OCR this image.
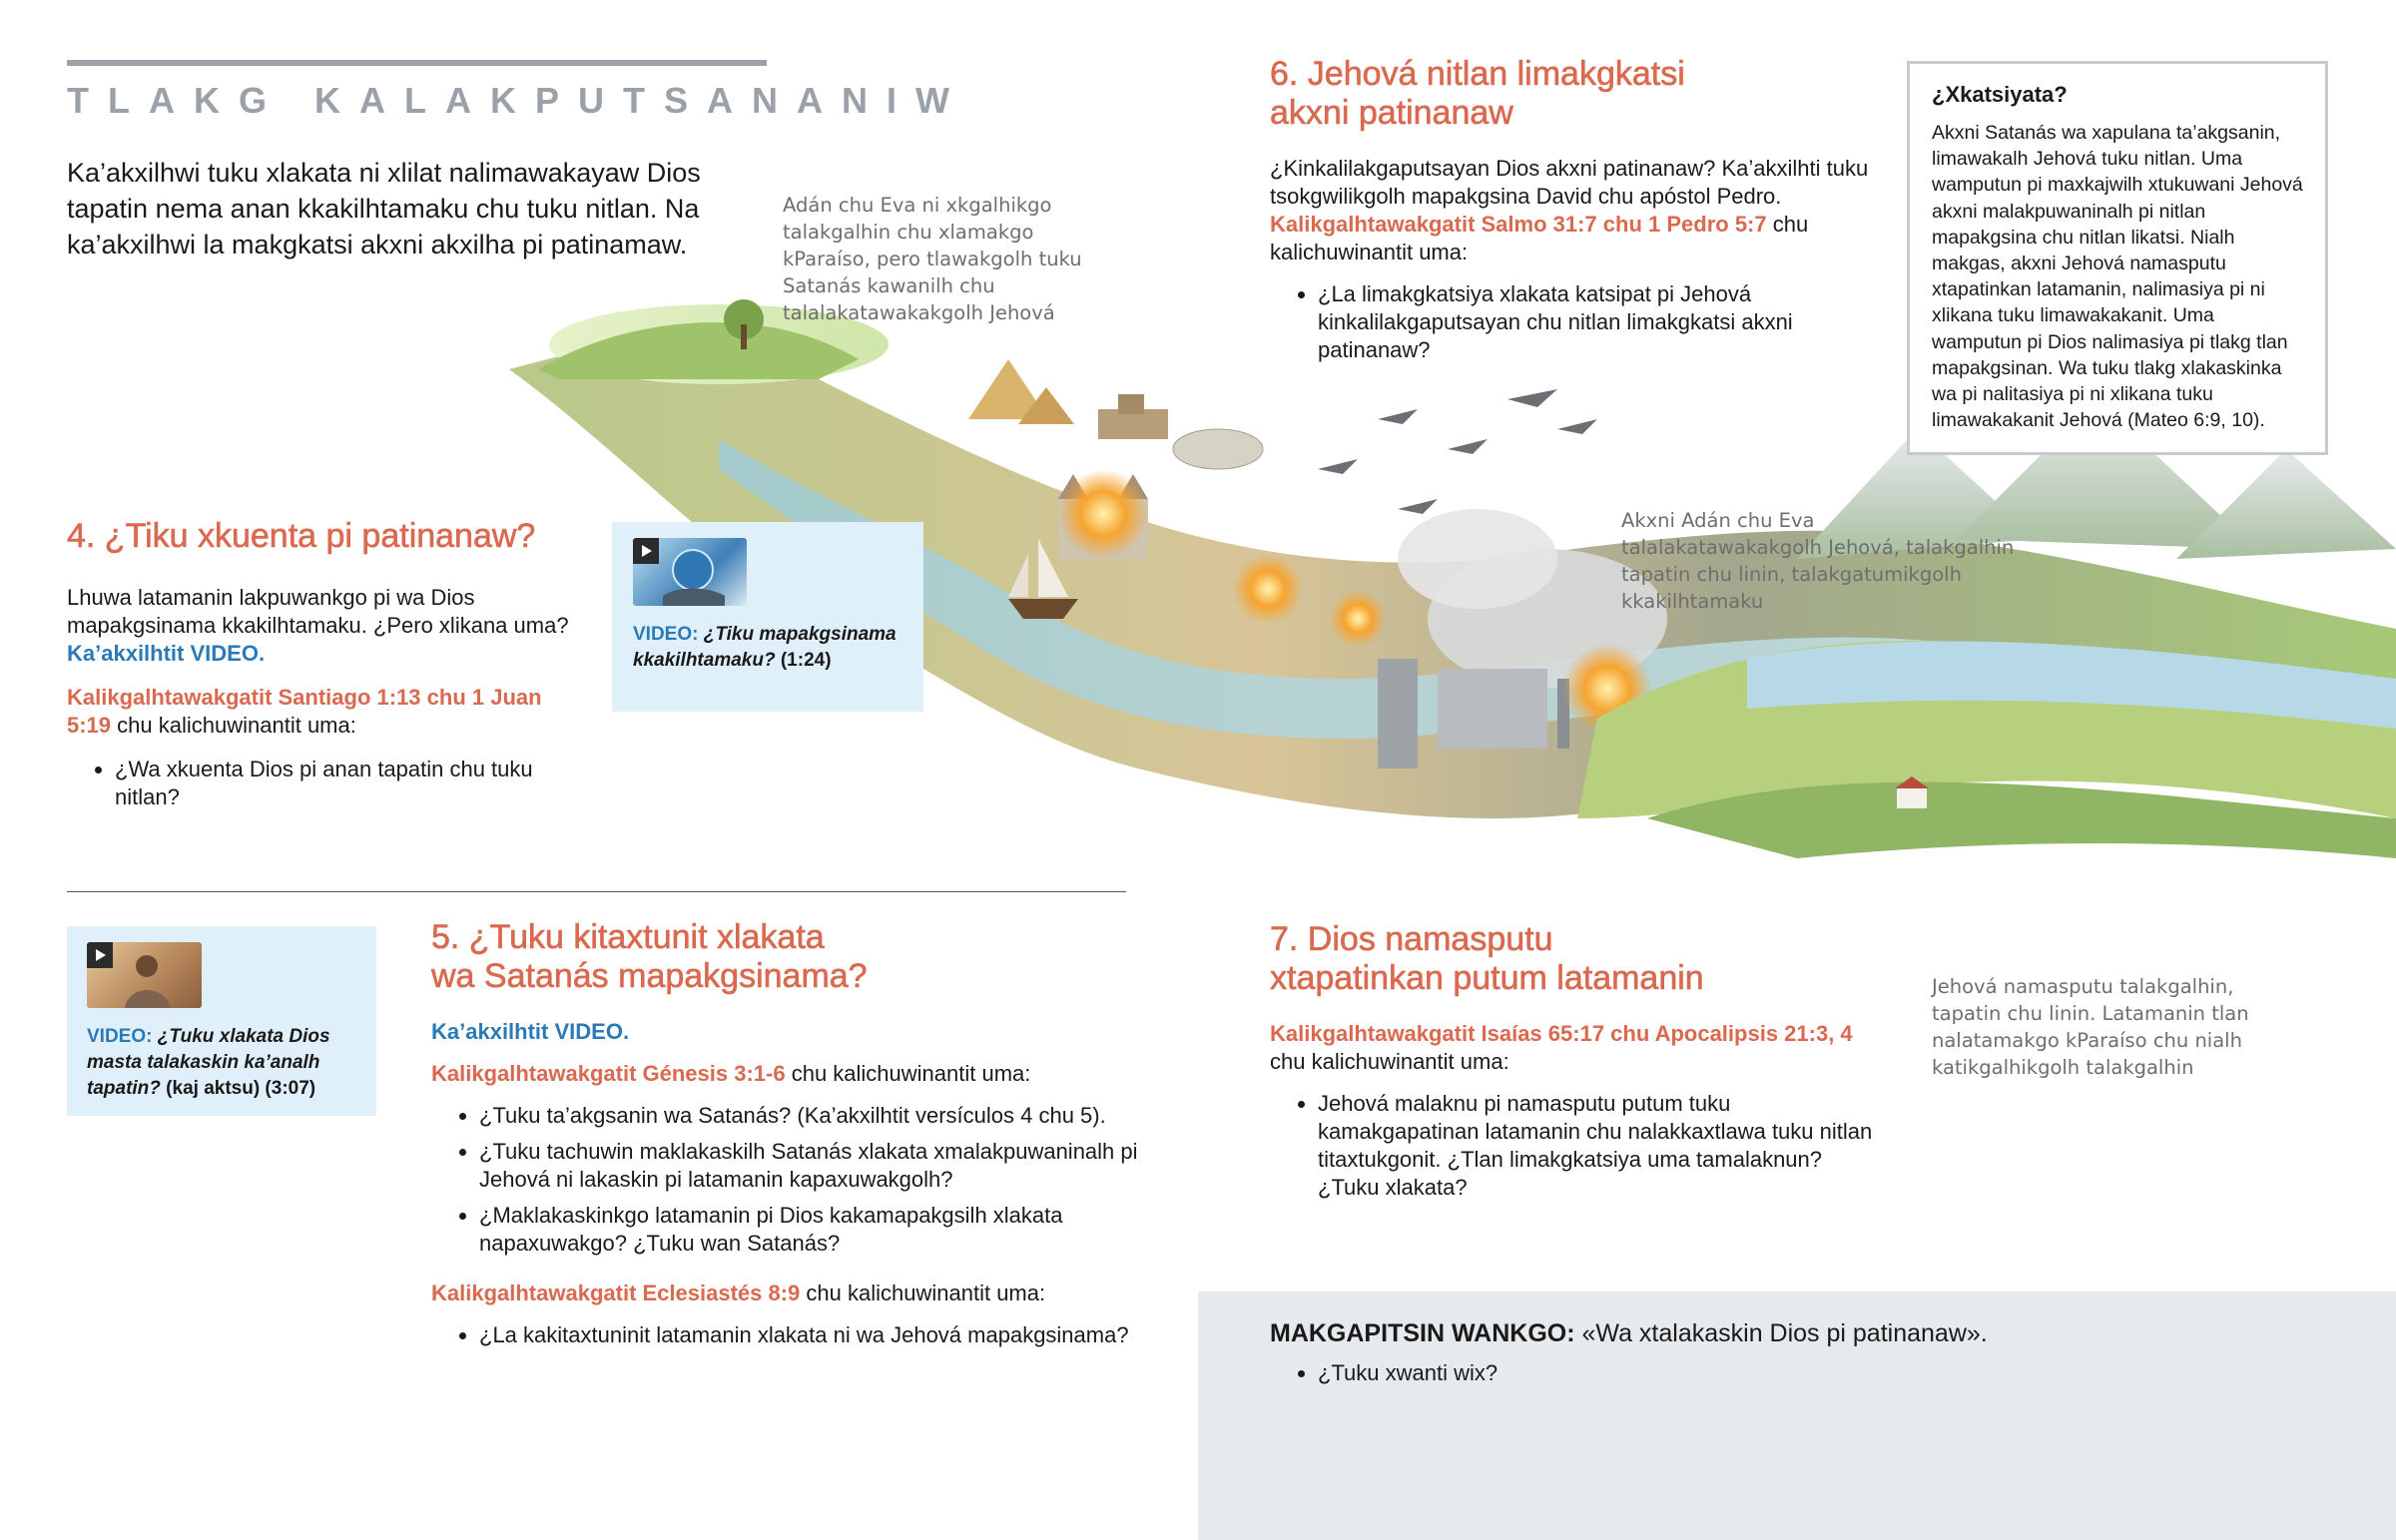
TLAKG KALAKPUTSANANIW
Ka’akxilhwi tuku xlakata ni xlilat nalimawakayaw Dios tapatin nema anan kkakilhtamaku chu tuku nitlan. Na ka’akxilhwi la makgkatsi akxni akxilha pi patinamaw.
Adán chu Eva ni xkgalhikgo talakgalhin chu xlamakgo kParaíso, pero tlawakgolh tuku Satanás kawanilh chu talalakatawakakgolh Jehová
Akxni Adán chu Eva talalakatawakakgolh Jehová, talakgalhin tapatin chu linin, talakgatumikgolh kkakilhtamaku
Jehová namasputu talakgalhin, tapatin chu linin. Latamanin tlan nalatamakgo kParaíso chu nialh katikgalhikgolh talakgalhin
4. ¿Tiku xkuenta pi patinanaw?

Lhuwa latamanin lakpuwankgo pi wa Dios mapakgsinama kkakilhtamaku. ¿Pero xlikana uma? Ka’akxilhtit VIDEO.

Kalikgalhtawakgatit Santiago 1:13 chu 1 Juan 5:19 chu kalichuwinantit uma:

• ¿Wa xkuenta Dios pi anan tapatin chu tuku nitlan?
VIDEO: ¿Tiku mapakgsinama kkakilhtamaku? (1:24)
VIDEO: ¿Tuku xlakata Dios masta talakaskin ka’analh tapatin? (kaj aktsu) (3:07)
5. ¿Tuku kitaxtunit xlakata
wa Satanás mapakgsinama?

Ka’akxilhtit VIDEO.

Kalikgalhtawakgatit Génesis 3:1-6 chu kalichuwinantit uma:

• ¿Tuku ta’akgsanin wa Satanás? (Ka’akxilhtit versículos 4 chu 5).
• ¿Tuku tachuwin maklakaskilh Satanás xlakata xmalakpuwaninalh pi Jehová ni lakaskin pi latamanin kapaxuwakgolh?
• ¿Maklakaskinkgo latamanin pi Dios kakamapakgsilh xlakata napaxuwakgo? ¿Tuku wan Satanás?

Kalikgalhtawakgatit Eclesiastés 8:9 chu kalichuwinantit uma:

• ¿La kakitaxtuninit latamanin xlakata ni wa Jehová mapakgsinama?
6. Jehová nitlan limakgkatsi
akxni patinanaw

¿Kinkalilakgaputsayan Dios akxni patinanaw? Ka’akxilhti tuku tsokgwilikgolh mapakgsina David chu apóstol Pedro.

Kalikgalhtawakgatit Salmo 31:7 chu 1 Pedro 5:7 chu kalichuwinantit uma:

• ¿La limakgkatsiya xlakata katsipat pi Jehová kinkalilakgaputsayan chu nitlan limakgkatsi akxni patinanaw?
¿Xkatsiyata?

Akxni Satanás wa xapulana ta’akgsanin, limawakalh Jehová tuku nitlan. Uma wamputun pi maxkajwilh xtukuwani Jehová akxni malakpuwaninalh pi nitlan mapakgsina chu nitlan likatsi. Nialh makgas, akxni Jehová namasputu xtapatinkan latamanin, nalimasiya pi ni xlikana tuku limawakakanit. Uma wamputun pi Dios nalimasiya pi tlakg tlan mapakgsinan. Wa tuku tlakg xlakaskinka wa pi nalitasiya pi ni xlikana tuku limawakakanit Jehová (Mateo 6:9, 10).

7. Dios namasputu
xtapatinkan putum latamanin

Kalikgalhtawakgatit Isaías 65:17 chu Apocalipsis 21:3, 4
chu kalichuwinantit uma:

• Jehová malaknu pi namasputu putum tuku kamakgapatinan latamanin chu nalakkaxtlawa tuku nitlan titaxtukgonit. ¿Tlan limakgkatsiya uma tamalaknun? ¿Tuku xlakata?

MAKGAPITSIN WANKGO: «Wa xtalakaskin Dios pi patinanaw».

• ¿Tuku xwanti wix?
